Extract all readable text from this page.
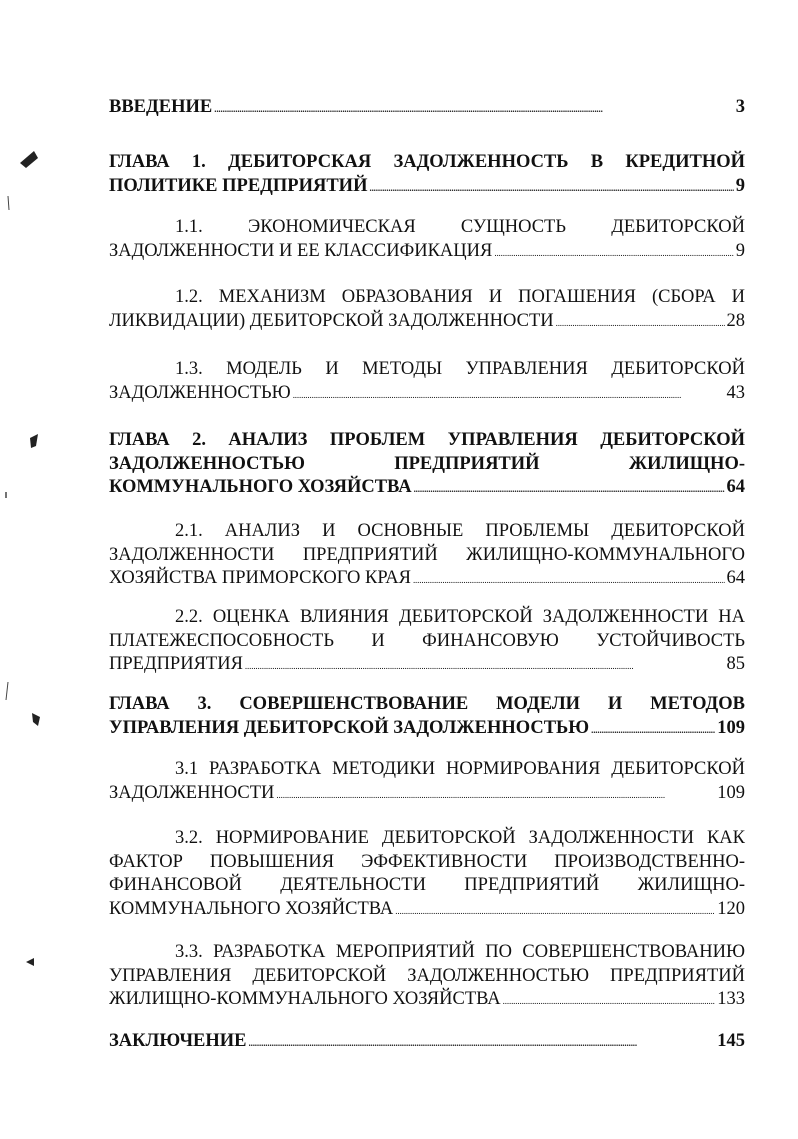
ВВЕДЕНИЕ . . .	3
ГЛАВА 1. ДЕБИТОРСКАЯ ЗАДОЛЖЕННОСТЬ В КРЕДИТНОЙ
ПОЛИТИКЕ ПРЕДПРИЯТИЙ . . .	9
1.1. ЭКОНОМИЧЕСКАЯ СУЩНОСТЬ ДЕБИТОРСКОЙ
ЗАДОЛЖЕННОСТИ И ЕЕ КЛАССИФИКАЦИЯ . . .	9
1.2. МЕХАНИЗМ ОБРАЗОВАНИЯ И ПОГАШЕНИЯ (СБОРА И
ЛИКВИДАЦИИ) ДЕБИТОРСКОЙ ЗАДОЛЖЕННОСТИ . . .	28
1.3. МОДЕЛЬ И МЕТОДЫ УПРАВЛЕНИЯ ДЕБИТОРСКОЙ
ЗАДОЛЖЕННОСТЬЮ . . .	43
ГЛАВА 2. АНАЛИЗ ПРОБЛЕМ УПРАВЛЕНИЯ ДЕБИТОРСКОЙ
ЗАДОЛЖЕННОСТЬЮ ПРЕДПРИЯТИЙ ЖИЛИЩНО-
КОММУНАЛЬНОГО ХОЗЯЙСТВА . . .	64
2.1. АНАЛИЗ И ОСНОВНЫЕ ПРОБЛЕМЫ ДЕБИТОРСКОЙ
ЗАДОЛЖЕННОСТИ ПРЕДПРИЯТИЙ ЖИЛИЩНО-КОММУНАЛЬНОГО
ХОЗЯЙСТВА ПРИМОРСКОГО КРАЯ . . .	64
2.2. ОЦЕНКА ВЛИЯНИЯ ДЕБИТОРСКОЙ ЗАДОЛЖЕННОСТИ НА
ПЛАТЕЖЕСПОСОБНОСТЬ И ФИНАНСОВУЮ УСТОЙЧИВОСТЬ
ПРЕДПРИЯТИЯ . . .	85
ГЛАВА 3. СОВЕРШЕНСТВОВАНИЕ МОДЕЛИ И МЕТОДОВ
УПРАВЛЕНИЯ ДЕБИТОРСКОЙ ЗАДОЛЖЕННОСТЬЮ . . .	109
3.1 РАЗРАБОТКА МЕТОДИКИ НОРМИРОВАНИЯ ДЕБИТОРСКОЙ
ЗАДОЛЖЕННОСТИ . . .	109
3.2. НОРМИРОВАНИЕ ДЕБИТОРСКОЙ ЗАДОЛЖЕННОСТИ КАК
ФАКТОР ПОВЫШЕНИЯ ЭФФЕКТИВНОСТИ ПРОИЗВОДСТВЕННО-
ФИНАНСОВОЙ ДЕЯТЕЛЬНОСТИ ПРЕДПРИЯТИЙ ЖИЛИЩНО-
КОММУНАЛЬНОГО ХОЗЯЙСТВА . . .	120
3.3. РАЗРАБОТКА МЕРОПРИЯТИЙ ПО СОВЕРШЕНСТВОВАНИЮ
УПРАВЛЕНИЯ ДЕБИТОРСКОЙ ЗАДОЛЖЕННОСТЬЮ ПРЕДПРИЯТИЙ
ЖИЛИЩНО-КОММУНАЛЬНОГО ХОЗЯЙСТВА . . .	133
ЗАКЛЮЧЕНИЕ . . .	145
